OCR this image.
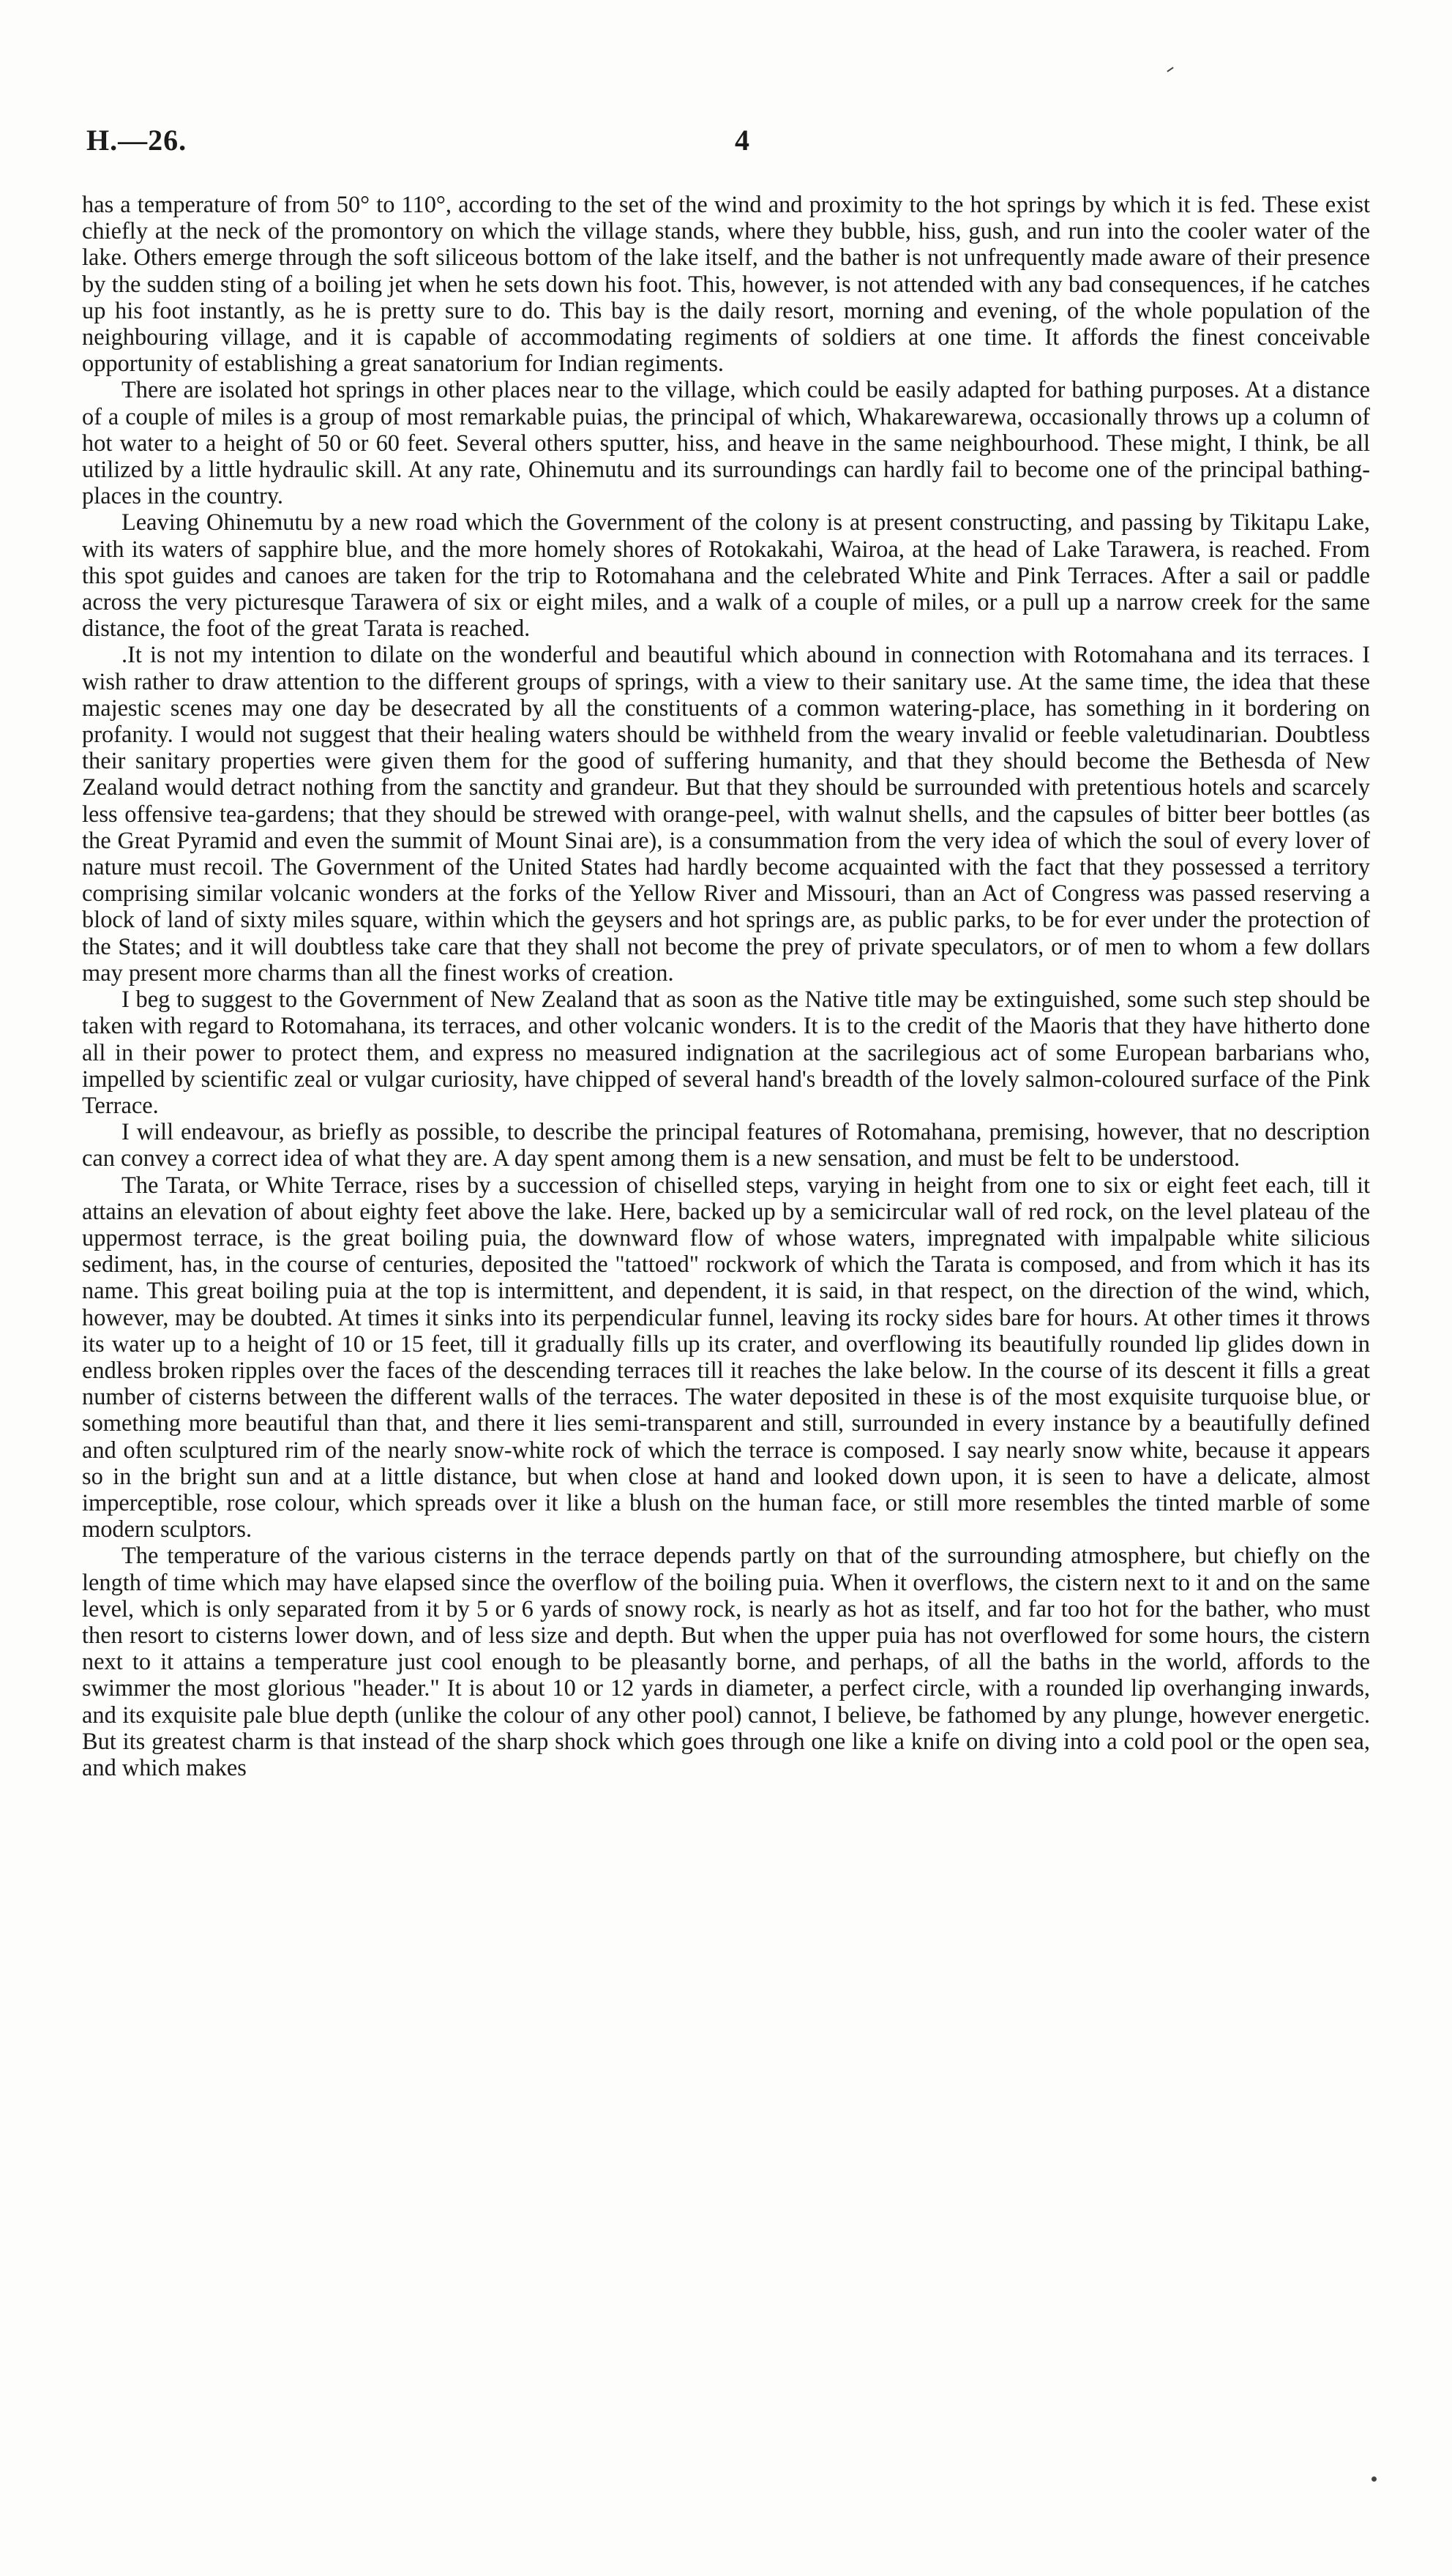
H.—26.	4

has a temperature of from 50° to 110°, according to the set of the wind and proximity to the hot springs by which it is fed. These exist chiefly at the neck of the promontory on which the village stands, where they bubble, hiss, gush, and run into the cooler water of the lake. Others emerge through the soft siliceous bottom of the lake itself, and the bather is not unfrequently made aware of their presence by the sudden sting of a boiling jet when he sets down his foot. This, however, is not attended with any bad consequences, if he catches up his foot instantly, as he is pretty sure to do. This bay is the daily resort, morning and evening, of the whole population of the neighbouring village, and it is capable of accommodating regiments of soldiers at one time. It affords the finest conceivable opportunity of establishing a great sanatorium for Indian regiments.

There are isolated hot springs in other places near to the village, which could be easily adapted for bathing purposes. At a distance of a couple of miles is a group of most remarkable puias, the principal of which, Whakarewarewa, occasionally throws up a column of hot water to a height of 50 or 60 feet. Several others sputter, hiss, and heave in the same neighbourhood. These might, I think, be all utilized by a little hydraulic skill. At any rate, Ohinemutu and its surroundings can hardly fail to become one of the principal bathing-places in the country.

Leaving Ohinemutu by a new road which the Government of the colony is at present constructing, and passing by Tikitapu Lake, with its waters of sapphire blue, and the more homely shores of Rotokakahi, Wairoa, at the head of Lake Tarawera, is reached. From this spot guides and canoes are taken for the trip to Rotomahana and the celebrated White and Pink Terraces. After a sail or paddle across the very picturesque Tarawera of six or eight miles, and a walk of a couple of miles, or a pull up a narrow creek for the same distance, the foot of the great Tarata is reached.

.It is not my intention to dilate on the wonderful and beautiful which abound in connection with Rotomahana and its terraces. I wish rather to draw attention to the different groups of springs, with a view to their sanitary use. At the same time, the idea that these majestic scenes may one day be desecrated by all the constituents of a common watering-place, has something in it bordering on profanity. I would not suggest that their healing waters should be withheld from the weary invalid or feeble valetudinarian. Doubtless their sanitary properties were given them for the good of suffering humanity, and that they should become the Bethesda of New Zealand would detract nothing from the sanctity and grandeur. But that they should be surrounded with pretentious hotels and scarcely less offensive tea-gardens; that they should be strewed with orange-peel, with walnut shells, and the capsules of bitter beer bottles (as the Great Pyramid and even the summit of Mount Sinai are), is a consummation from the very idea of which the soul of every lover of nature must recoil. The Government of the United States had hardly become acquainted with the fact that they possessed a territory comprising similar volcanic wonders at the forks of the Yellow River and Missouri, than an Act of Congress was passed reserving a block of land of sixty miles square, within which the geysers and hot springs are, as public parks, to be for ever under the protection of the States; and it will doubtless take care that they shall not become the prey of private speculators, or of men to whom a few dollars may present more charms than all the finest works of creation.

I beg to suggest to the Government of New Zealand that as soon as the Native title may be extinguished, some such step should be taken with regard to Rotomahana, its terraces, and other volcanic wonders. It is to the credit of the Maoris that they have hitherto done all in their power to protect them, and express no measured indignation at the sacrilegious act of some European barbarians who, impelled by scientific zeal or vulgar curiosity, have chipped of several hand's breadth of the lovely salmon-coloured surface of the Pink Terrace.

I will endeavour, as briefly as possible, to describe the principal features of Rotomahana, premising, however, that no description can convey a correct idea of what they are. A day spent among them is a new sensation, and must be felt to be understood.

The Tarata, or White Terrace, rises by a succession of chiselled steps, varying in height from one to six or eight feet each, till it attains an elevation of about eighty feet above the lake. Here, backed up by a semicircular wall of red rock, on the level plateau of the uppermost terrace, is the great boiling puia, the downward flow of whose waters, impregnated with impalpable white silicious sediment, has, in the course of centuries, deposited the "tattoed" rockwork of which the Tarata is composed, and from which it has its name. This great boiling puia at the top is intermittent, and dependent, it is said, in that respect, on the direction of the wind, which, however, may be doubted. At times it sinks into its perpendicular funnel, leaving its rocky sides bare for hours. At other times it throws its water up to a height of 10 or 15 feet, till it gradually fills up its crater, and overflowing its beautifully rounded lip glides down in endless broken ripples over the faces of the descending terraces till it reaches the lake below. In the course of its descent it fills a great number of cisterns between the different walls of the terraces. The water deposited in these is of the most exquisite turquoise blue, or something more beautiful than that, and there it lies semi-transparent and still, surrounded in every instance by a beautifully defined and often sculptured rim of the nearly snow-white rock of which the terrace is composed. I say nearly snow white, because it appears so in the bright sun and at a little distance, but when close at hand and looked down upon, it is seen to have a delicate, almost imperceptible, rose colour, which spreads over it like a blush on the human face, or still more resembles the tinted marble of some modern sculptors.

The temperature of the various cisterns in the terrace depends partly on that of the surrounding atmosphere, but chiefly on the length of time which may have elapsed since the overflow of the boiling puia. When it overflows, the cistern next to it and on the same level, which is only separated from it by 5 or 6 yards of snowy rock, is nearly as hot as itself, and far too hot for the bather, who must then resort to cisterns lower down, and of less size and depth. But when the upper puia has not overflowed for some hours, the cistern next to it attains a temperature just cool enough to be pleasantly borne, and perhaps, of all the baths in the world, affords to the swimmer the most glorious "header." It is about 10 or 12 yards in diameter, a perfect circle, with a rounded lip overhanging inwards, and its exquisite pale blue depth (unlike the colour of any other pool) cannot, I believe, be fathomed by any plunge, however energetic. But its greatest charm is that instead of the sharp shock which goes through one like a knife on diving into a cold pool or the open sea, and which makes
